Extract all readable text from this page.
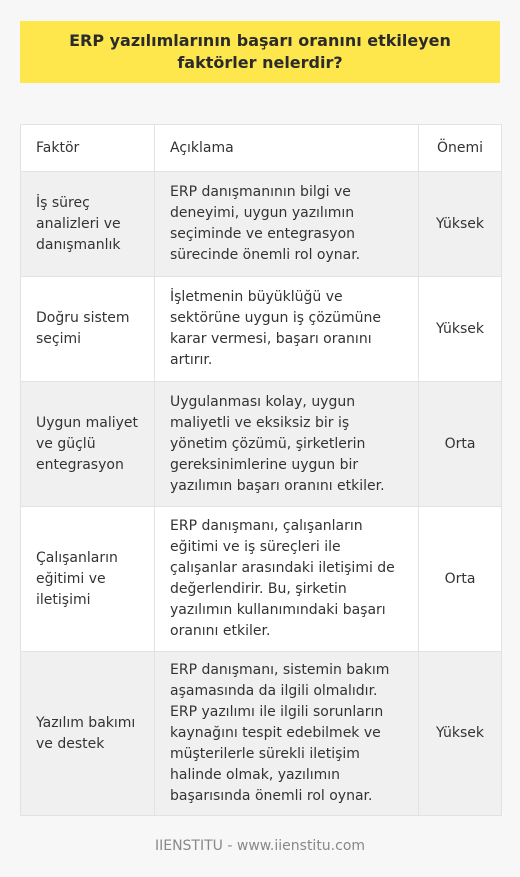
ERP yazılımlarının başarı oranını etkileyen faktörler nelerdir?
Faktör	Açıklama	Önemi
İş süreç analizleri ve danışmanlık	ERP danışmanının bilgi ve deneyimi, uygun yazılımın seçiminde ve entegrasyon sürecinde önemli rol oynar.	Yüksek
Doğru sistem seçimi	İşletmenin büyüklüğü ve sektörüne uygun iş çözümüne karar vermesi, başarı oranını artırır.	Yüksek
Uygun maliyet ve güçlü entegrasyon	Uygulanması kolay, uygun maliyetli ve eksiksiz bir iş yönetim çözümü, şirketlerin gereksinimlerine uygun bir yazılımın başarı oranını etkiler.	Orta
Çalışanların eğitimi ve iletişimi	ERP danışmanı, çalışanların eğitimi ve iş süreçleri ile çalışanlar arasındaki iletişimi de değerlendirir. Bu, şirketin yazılımın kullanımındaki başarı oranını etkiler.	Orta
Yazılım bakımı ve destek	ERP danışmanı, sistemin bakım aşamasında da ilgili olmalıdır. ERP yazılımı ile ilgili sorunların kaynağını tespit edebilmek ve müşterilerle sürekli iletişim halinde olmak, yazılımın başarısında önemli rol oynar.	Yüksek
IIENSTITU - www.iienstitu.com
